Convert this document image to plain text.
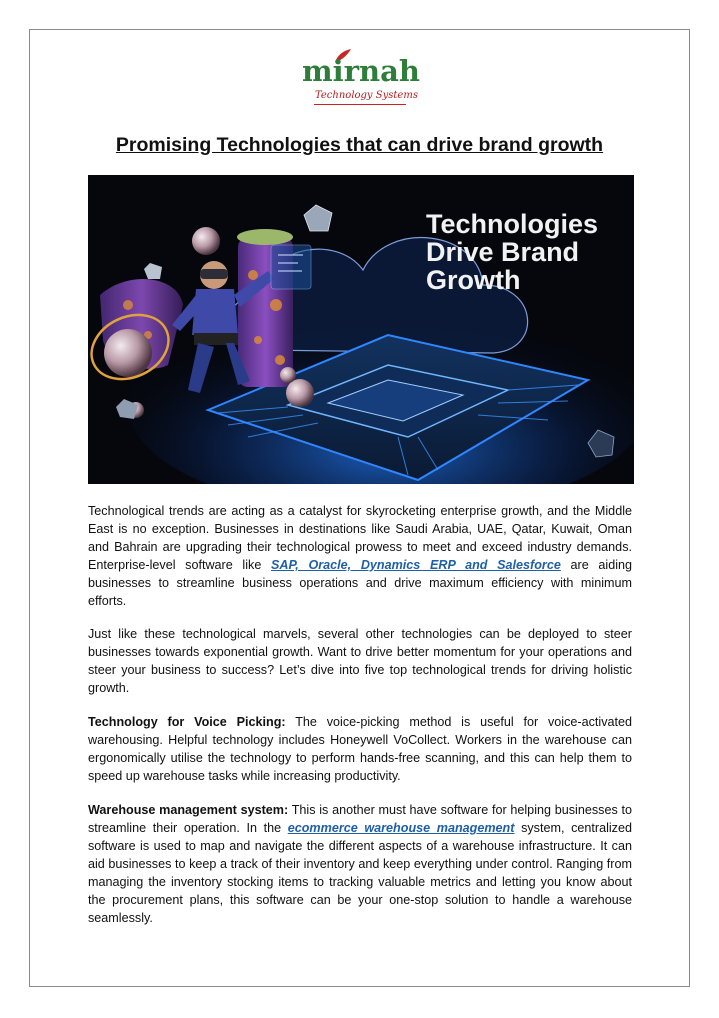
mirnah
Technology Systems
Promising Technologies that can drive brand growth
Technologies
Drive Brand
Growth

Technological trends are acting as a catalyst for skyrocketing enterprise growth, and the Middle East is no exception. Businesses in destinations like Saudi Arabia, UAE, Qatar, Kuwait, Oman and Bahrain are upgrading their technological prowess to meet and exceed industry demands. Enterprise-level software like SAP, Oracle, Dynamics ERP and Salesforce are aiding businesses to streamline business operations and drive maximum efficiency with minimum efforts.

Just like these technological marvels, several other technologies can be deployed to steer businesses towards exponential growth. Want to drive better momentum for your operations and steer your business to success? Let’s dive into five top technological trends for driving holistic growth.

Technology for Voice Picking: The voice-picking method is useful for voice-activated warehousing. Helpful technology includes Honeywell VoCollect. Workers in the warehouse can ergonomically utilise the technology to perform hands-free scanning, and this can help them to speed up warehouse tasks while increasing productivity.

Warehouse management system: This is another must have software for helping businesses to streamline their operation. In the ecommerce warehouse management system, centralized software is used to map and navigate the different aspects of a warehouse infrastructure. It can aid businesses to keep a track of their inventory and keep everything under control. Ranging from managing the inventory stocking items to tracking valuable metrics and letting you know about the procurement plans, this software can be your one-stop solution to handle a warehouse seamlessly.
